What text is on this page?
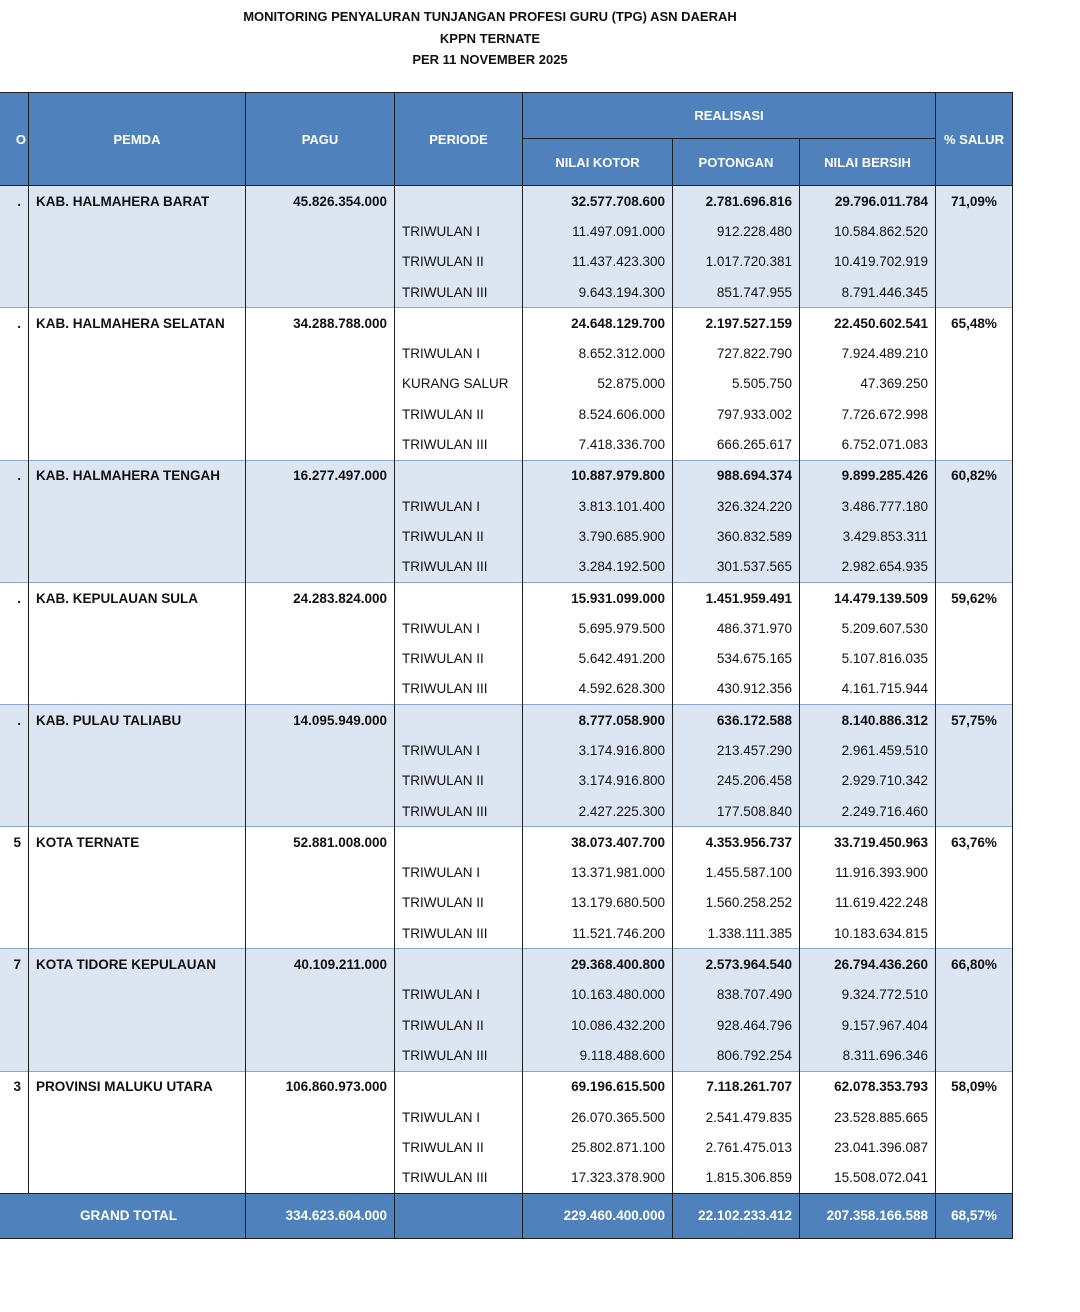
MONITORING PENYALURAN TUNJANGAN PROFESI GURU (TPG) ASN DAERAH
KPPN TERNATE
PER 11 NOVEMBER 2025
O	PEMDA	PAGU	PERIODE	REALISASI			% SALUR
				NILAI KOTOR	POTONGAN	NILAI BERSIH	
.	KAB. HALMAHERA BARAT	45.826.354.000		32.577.708.600	2.781.696.816	29.796.011.784	71,09%
			TRIWULAN I	11.497.091.000	912.228.480	10.584.862.520	
			TRIWULAN II	11.437.423.300	1.017.720.381	10.419.702.919	
			TRIWULAN III	9.643.194.300	851.747.955	8.791.446.345	
.	KAB. HALMAHERA SELATAN	34.288.788.000		24.648.129.700	2.197.527.159	22.450.602.541	65,48%
			TRIWULAN I	8.652.312.000	727.822.790	7.924.489.210	
			KURANG SALUR	52.875.000	5.505.750	47.369.250	
			TRIWULAN II	8.524.606.000	797.933.002	7.726.672.998	
			TRIWULAN III	7.418.336.700	666.265.617	6.752.071.083	
.	KAB. HALMAHERA TENGAH	16.277.497.000		10.887.979.800	988.694.374	9.899.285.426	60,82%
			TRIWULAN I	3.813.101.400	326.324.220	3.486.777.180	
			TRIWULAN II	3.790.685.900	360.832.589	3.429.853.311	
			TRIWULAN III	3.284.192.500	301.537.565	2.982.654.935	
.	KAB. KEPULAUAN SULA	24.283.824.000		15.931.099.000	1.451.959.491	14.479.139.509	59,62%
			TRIWULAN I	5.695.979.500	486.371.970	5.209.607.530	
			TRIWULAN II	5.642.491.200	534.675.165	5.107.816.035	
			TRIWULAN III	4.592.628.300	430.912.356	4.161.715.944	
.	KAB. PULAU TALIABU	14.095.949.000		8.777.058.900	636.172.588	8.140.886.312	57,75%
			TRIWULAN I	3.174.916.800	213.457.290	2.961.459.510	
			TRIWULAN II	3.174.916.800	245.206.458	2.929.710.342	
			TRIWULAN III	2.427.225.300	177.508.840	2.249.716.460	
5	KOTA TERNATE	52.881.008.000		38.073.407.700	4.353.956.737	33.719.450.963	63,76%
			TRIWULAN I	13.371.981.000	1.455.587.100	11.916.393.900	
			TRIWULAN II	13.179.680.500	1.560.258.252	11.619.422.248	
			TRIWULAN III	11.521.746.200	1.338.111.385	10.183.634.815	
7	KOTA TIDORE KEPULAUAN	40.109.211.000		29.368.400.800	2.573.964.540	26.794.436.260	66,80%
			TRIWULAN I	10.163.480.000	838.707.490	9.324.772.510	
			TRIWULAN II	10.086.432.200	928.464.796	9.157.967.404	
			TRIWULAN III	9.118.488.600	806.792.254	8.311.696.346	
3	PROVINSI MALUKU UTARA	106.860.973.000		69.196.615.500	7.118.261.707	62.078.353.793	58,09%
			TRIWULAN I	26.070.365.500	2.541.479.835	23.528.885.665	
			TRIWULAN II	25.802.871.100	2.761.475.013	23.041.396.087	
			TRIWULAN III	17.323.378.900	1.815.306.859	15.508.072.041	
GRAND TOTAL		334.623.604.000		229.460.400.000	22.102.233.412	207.358.166.588	68,57%
